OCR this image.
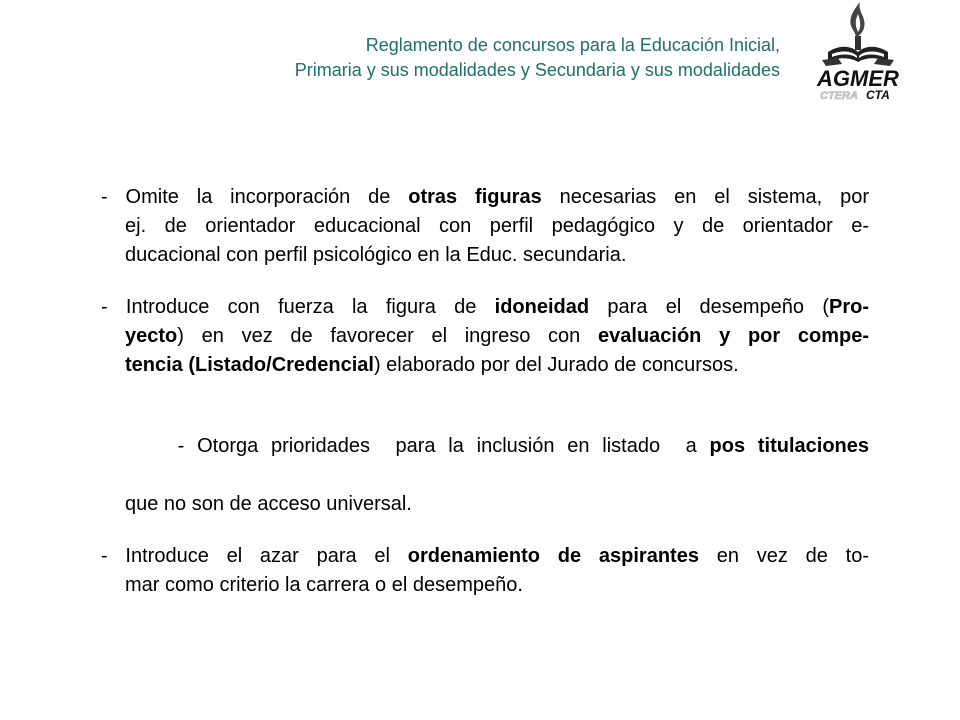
Reglamento de concursos para la Educación Inicial,
Primaria y sus modalidades y Secundaria y sus modalidades AGMER
CTERA CTA
- Omite la incorporación de otras figuras necesarias en el sistema, por
ej. de orientador educacional con perfil pedagógico y de orientador e-
ducacional con perfil psicológico en la Educ. secundaria.
- Introduce con fuerza la figura de idoneidad para el desempeño (Pro-
yecto) en vez de favorecer el ingreso con evaluación y por compe-
tencia (Listado/Credencial) elaborado por del Jurado de concursos.

- Otorga prioridades  para la inclusión en listado  a pos titulaciones

que no son de acceso universal.
- Introduce el azar para el ordenamiento de aspirantes en vez de to-
mar como criterio la carrera o el desempeño.
